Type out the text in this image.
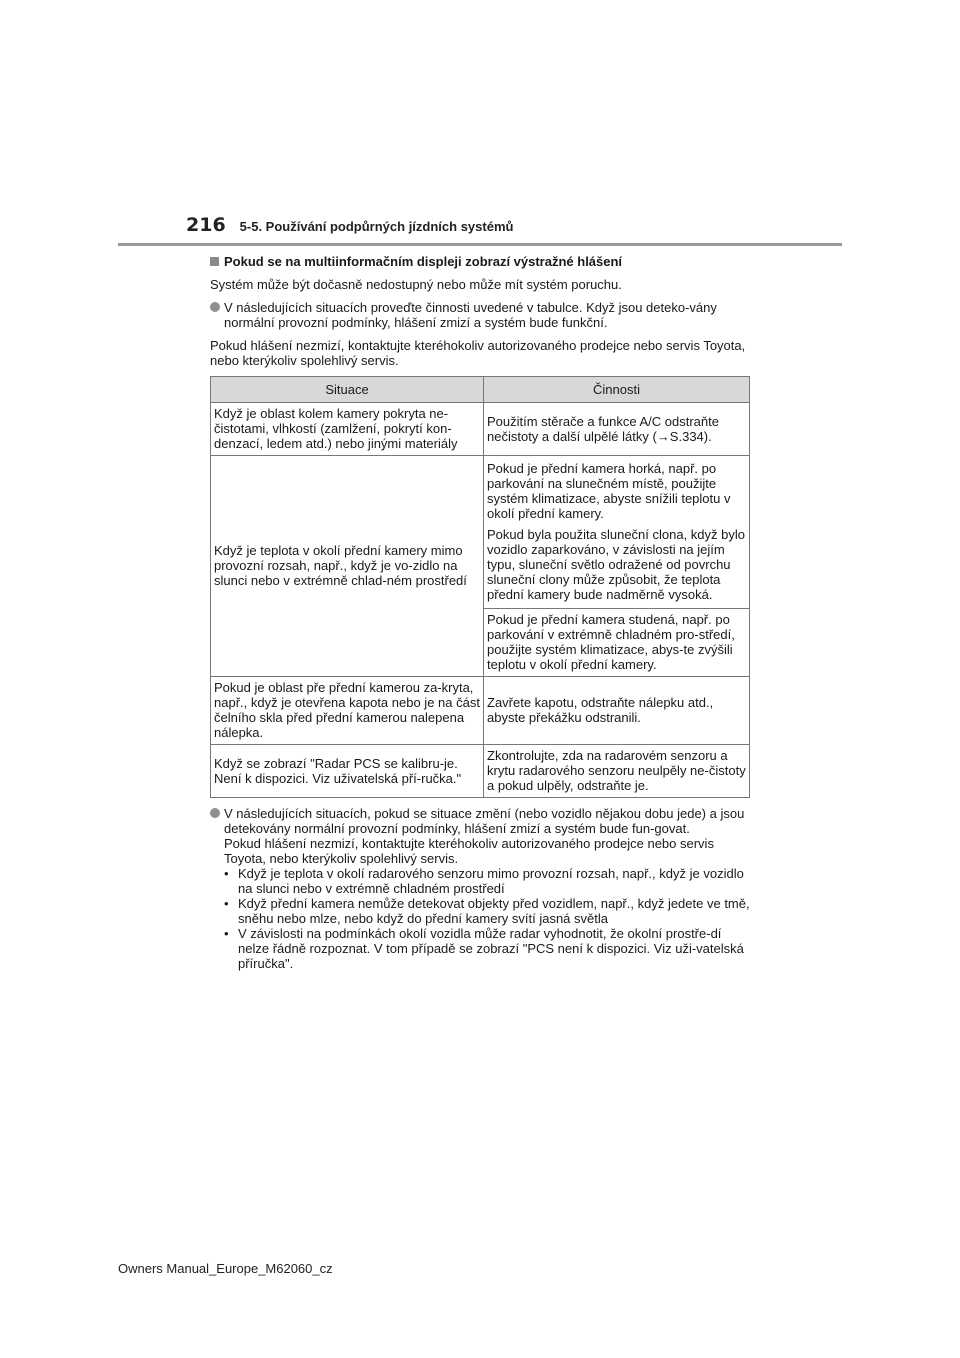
216 5-5. Používání podpůrných jízdních systémů
Pokud se na multiinformačním displeji zobrazí výstražné hlášení

Systém může být dočasně nedostupný nebo může mít systém poruchu.

V následujících situacích proveďte činnosti uvedené v tabulce. Když jsou deteko-vány normální provozní podmínky, hlášení zmizí a systém bude funkční.

Pokud hlášení nezmizí, kontaktujte kteréhokoliv autorizovaného prodejce nebo servis Toyota, nebo kterýkoliv spolehlivý servis.

Situace	Činnosti
Když je oblast kolem kamery pokryta ne-čistotami, vlhkostí (zamlžení, pokrytí kon-denzací, ledem atd.) nebo jinými materiály	Použitím stěrače a funkce A/C odstraňte nečistoty a další ulpělé látky (→S.334).
Když je teplota v okolí přední kamery mimo provozní rozsah, např., když je vo-zidlo na slunci nebo v extrémně chlad-ném prostředí	Pokud je přední kamera horká, např. po parkování na slunečném místě, použijte systém klimatizace, abyste snížili teplotu v okolí přední kamery.
Pokud byla použita sluneční clona, když bylo vozidlo zaparkováno, v závislosti na jejím typu, sluneční světlo odražené od povrchu sluneční clony může způsobit, že teplota přední kamery bude nadměrně vysoká.

	Pokud je přední kamera studená, např. po parkování v extrémně chladném pro-středí, použijte systém klimatizace, abys-te zvýšili teplotu v okolí přední kamery.
Pokud je oblast pře přední kamerou za-kryta, např., když je otevřena kapota nebo je na část čelního skla před přední kamerou nalepena nálepka.	Zavřete kapotu, odstraňte nálepku atd., abyste překážku odstranili.
Když se zobrazí "Radar PCS se kalibru-je. Není k dispozici. Viz uživatelská pří-ručka."	Zkontrolujte, zda na radarovém senzoru a krytu radarového senzoru neulpěly ne-čistoty a pokud ulpěly, odstraňte je.
V následujících situacích, pokud se situace změní (nebo vozidlo nějakou dobu jede) a jsou detekovány normální provozní podmínky, hlášení zmizí a systém bude fun-govat.
Pokud hlášení nezmizí, kontaktujte kteréhokoliv autorizovaného prodejce nebo servis Toyota, nebo kterýkoliv spolehlivý servis.
• Když je teplota v okolí radarového senzoru mimo provozní rozsah, např., když je vozidlo na slunci nebo v extrémně chladném prostředí
• Když přední kamera nemůže detekovat objekty před vozidlem, např., když jedete ve tmě, sněhu nebo mlze, nebo když do přední kamery svítí jasná světla
• V závislosti na podmínkách okolí vozidla může radar vyhodnotit, že okolní prostře-dí nelze řádně rozpoznat. V tom případě se zobrazí "PCS není k dispozici. Viz uži-vatelská příručka".
Owners Manual_Europe_M62060_cz
